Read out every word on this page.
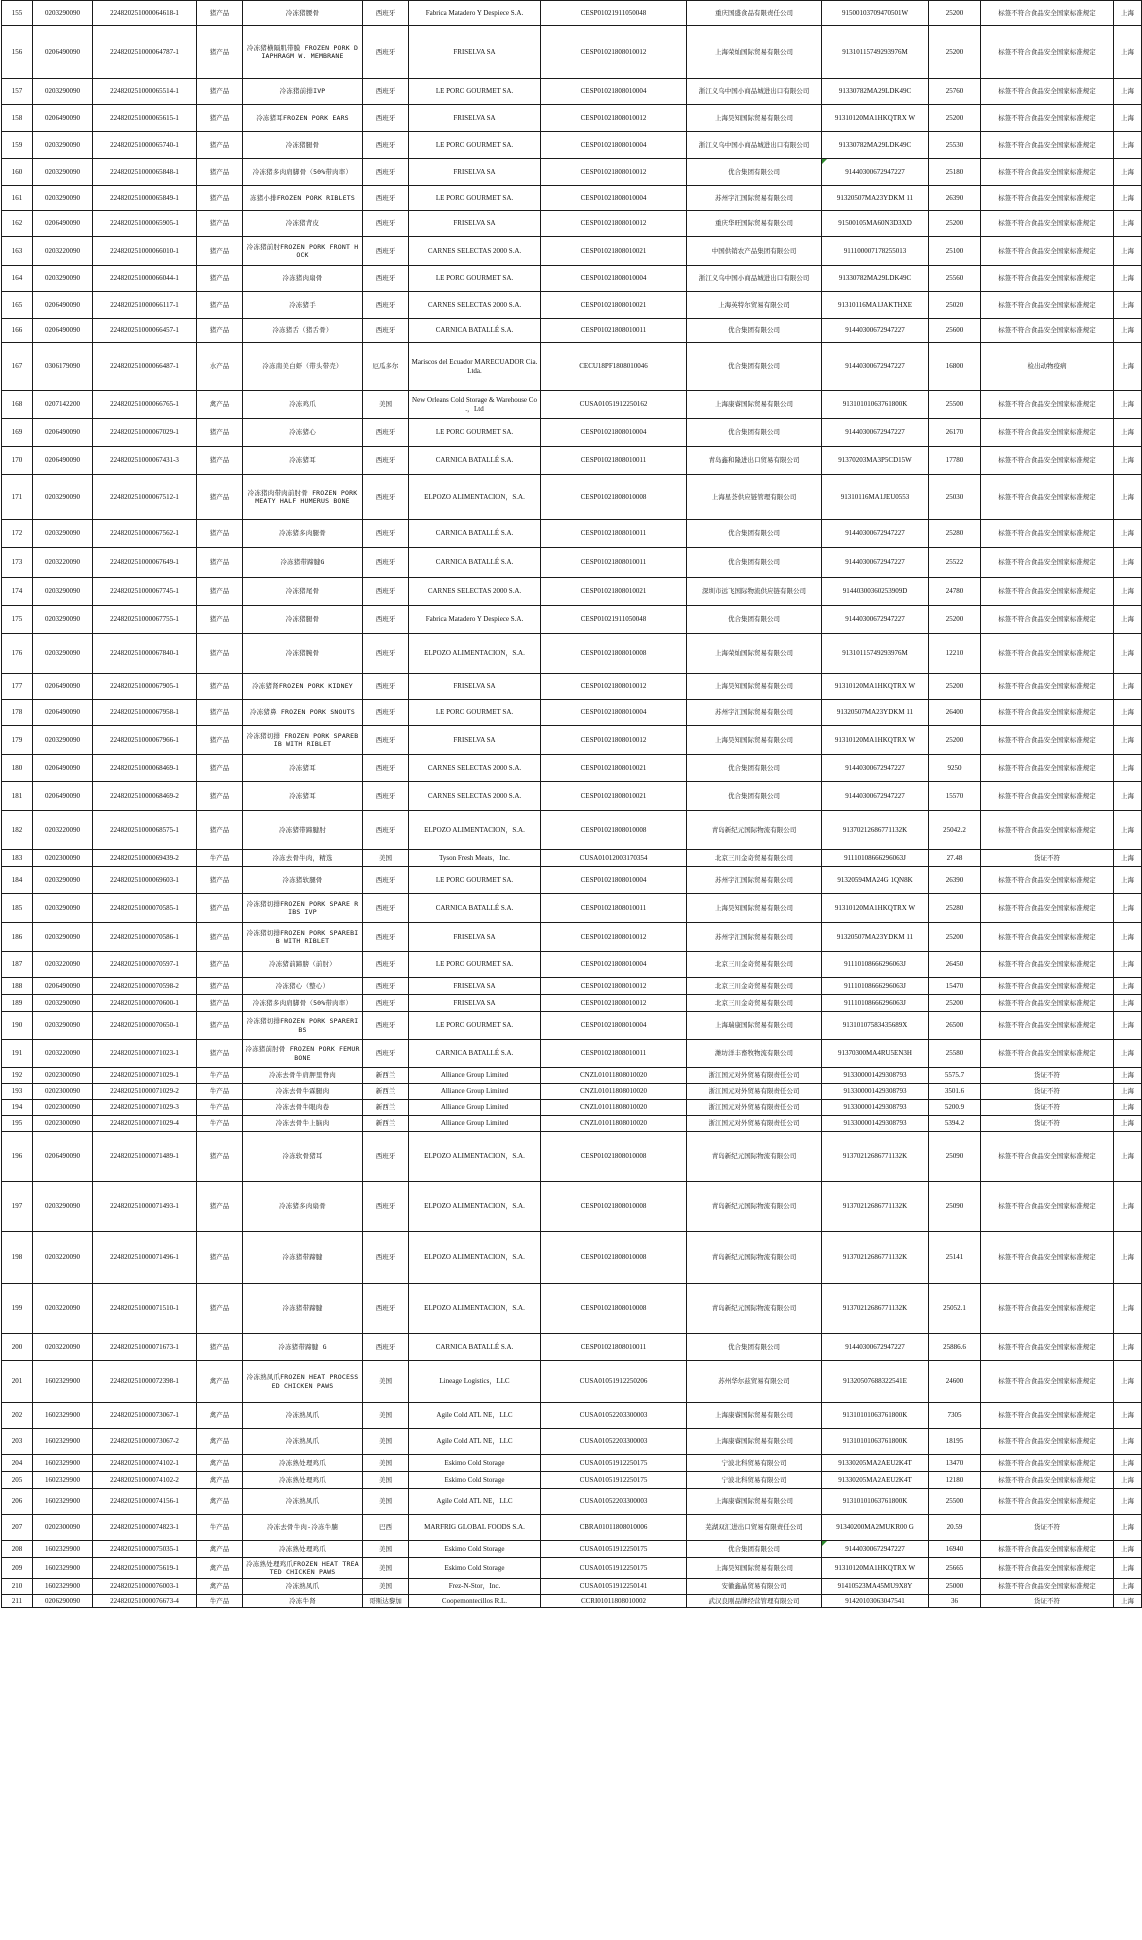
155	0203290090	224820251000064618-1	猪产品	冷冻猪腰骨	西班牙	Fabrica Matadero Y Despiece S.A.	CESP01021911050048	重庆国盛食品有限责任公司	91500103709470501W	25200	标签不符合食品安全国家标准规定	上海
156	0206490090	224820251000064787-1	猪产品	冷冻猪横隔肌带膜 FROZEN PORK DIAPHRAGM W. MEMBRANE	西班牙	FRISELVA SA	CESP01021808010012	上海荣灿国际贸易有限公司	91310115749293976M	25200	标签不符合食品安全国家标准规定	上海
157	0203290090	224820251000065514-1	猪产品	冷冻猪前排IVP	西班牙	LE PORC GOURMET SA.	CESP01021808010004	浙江义乌中国小商品城进出口有限公司	91330782MA29LDK49C	25760	标签不符合食品安全国家标准规定	上海
158	0206490090	224820251000065615-1	猪产品	冷冻猪耳FROZEN PORK EARS	西班牙	FRISELVA SA	CESP01021808010012	上海昊知国际贸易有限公司	91310120MA1HKQTRX W	25200	标签不符合食品安全国家标准规定	上海
159	0203290090	224820251000065740-1	猪产品	冷冻猪腿骨	西班牙	LE PORC GOURMET SA.	CESP01021808010004	浙江义乌中国小商品城进出口有限公司	91330782MA29LDK49C	25530	标签不符合食品安全国家标准规定	上海
160	0203290090	224820251000065848-1	猪产品	冷冻猪多肉肩脚骨（50%带肉率）	西班牙	FRISELVA SA	CESP01021808010012	优合集团有限公司	91440300672947227	25180	标签不符合食品安全国家标准规定	上海
161	0203290090	224820251000065849-1	猪产品	冻猪小排FROZEN PORK RIBLETS	西班牙	LE PORC GOURMET SA.	CESP01021808010004	苏州宇汇国际贸易有限公司	91320507MA23YDKM 11	26390	标签不符合食品安全国家标准规定	上海
162	0206490090	224820251000065905-1	猪产品	冷冻猪背皮	西班牙	FRISELVA SA	CESP01021808010012	重庆华旺国际贸易有限公司	91500105MA60N3D3XD	25200	标签不符合食品安全国家标准规定	上海
163	0203220090	224820251000066010-1	猪产品	冷冻猪前肘FROZEN PORK FRONT HOCK	西班牙	CARNES SELECTAS 2000 S.A.	CESP01021808010021	中国供销农产品集团有限公司	911100007178255013	25100	标签不符合食品安全国家标准规定	上海
164	0203290090	224820251000066044-1	猪产品	冷冻猪肉扇骨	西班牙	LE PORC GOURMET SA.	CESP01021808010004	浙江义乌中国小商品城进出口有限公司	91330782MA29LDK49C	25560	标签不符合食品安全国家标准规定	上海
165	0206490090	224820251000066117-1	猪产品	冷冻猪手	西班牙	CARNES SELECTAS 2000 S.A.	CESP01021808010021	上海英特尔贸易有限公司	91310116MA1JAKTHXE	25020	标签不符合食品安全国家标准规定	上海
166	0206490090	224820251000066457-1	猪产品	冷冻猪舌（猪舌骨）	西班牙	CARNICA BATALLÉ S.A.	CESP01021808010011	优合集团有限公司	91440300672947227	25600	标签不符合食品安全国家标准规定	上海
167	0306179090	224820251000066487-1	水产品	冷冻南美白虾（带头带壳）	厄瓜多尔	Mariscos del Ecuador MARECUADOR Cia. Ltda.	CECU18PF1808010046	优合集团有限公司	91440300672947227	16800	检出动物疫病	上海
168	0207142200	224820251000066765-1	禽产品	冷冻鸡爪	美国	New Orleans Cold Storage & Warehouse Co .，Ltd	CUSA01051912250162	上海康睿国际贸易有限公司	91310101063761800K	25500	标签不符合食品安全国家标准规定	上海
169	0206490090	224820251000067029-1	猪产品	冷冻猪心	西班牙	LE PORC GOURMET SA.	CESP01021808010004	优合集团有限公司	91440300672947227	26170	标签不符合食品安全国家标准规定	上海
170	0206490090	224820251000067431-3	猪产品	冷冻猪耳	西班牙	CARNICA BATALLÉ S.A.	CESP01021808010011	青岛鑫和隆进出口贸易有限公司	91370203MA3P5CD15W	17780	标签不符合食品安全国家标准规定	上海
171	0203290090	224820251000067512-1	猪产品	冷冻猪肉带肉前肘骨 FROZEN PORK MEATY HALF HUMERUS BONE	西班牙	ELPOZO ALIMENTACION，S.A.	CESP01021808010008	上海星荟供应链管理有限公司	91310116MA1JEU0553	25030	标签不符合食品安全国家标准规定	上海
172	0203290090	224820251000067562-1	猪产品	冷冻猪多肉腿骨	西班牙	CARNICA BATALLÉ S.A.	CESP01021808010011	优合集团有限公司	91440300672947227	25280	标签不符合食品安全国家标准规定	上海
173	0203220090	224820251000067649-1	猪产品	冷冻猪带蹄腱G	西班牙	CARNICA BATALLÉ S.A.	CESP01021808010011	优合集团有限公司	91440300672947227	25522	标签不符合食品安全国家标准规定	上海
174	0203290090	224820251000067745-1	猪产品	冷冻猪尾骨	西班牙	CARNES SELECTAS 2000 S.A.	CESP01021808010021	深圳市远飞国际物流供应链有限公司	91440300360253909D	24780	标签不符合食品安全国家标准规定	上海
175	0203290090	224820251000067755-1	猪产品	冷冻猪腿骨	西班牙	Fabrica Matadero Y Despiece S.A.	CESP01021911050048	优合集团有限公司	91440300672947227	25200	标签不符合食品安全国家标准规定	上海
176	0203290090	224820251000067840-1	猪产品	冷冻猪腕骨	西班牙	ELPOZO ALIMENTACION，S.A.	CESP01021808010008	上海荣灿国际贸易有限公司	91310115749293976M	12210	标签不符合食品安全国家标准规定	上海
177	0206490090	224820251000067905-1	猪产品	冷冻猪肾FROZEN PORK KIDNEY	西班牙	FRISELVA SA	CESP01021808010012	上海昊知国际贸易有限公司	91310120MA1HKQTRX W	25200	标签不符合食品安全国家标准规定	上海
178	0206490090	224820251000067958-1	猪产品	冷冻猪鼻 FROZEN PORK SNOUTS	西班牙	LE PORC GOURMET SA.	CESP01021808010004	苏州宇汇国际贸易有限公司	91320507MA23YDKM 11	26400	标签不符合食品安全国家标准规定	上海
179	0203290090	224820251000067966-1	猪产品	冷冻猪切排 FROZEN PORK SPAREBIB WITH RIBLET	西班牙	FRISELVA SA	CESP01021808010012	上海昊知国际贸易有限公司	91310120MA1HKQTRX W	25200	标签不符合食品安全国家标准规定	上海
180	0206490090	224820251000068469-1	猪产品	冷冻猪耳	西班牙	CARNES SELECTAS 2000 S.A.	CESP01021808010021	优合集团有限公司	91440300672947227	9250	标签不符合食品安全国家标准规定	上海
181	0206490090	224820251000068469-2	猪产品	冷冻猪耳	西班牙	CARNES SELECTAS 2000 S.A.	CESP01021808010021	优合集团有限公司	91440300672947227	15570	标签不符合食品安全国家标准规定	上海
182	0203220090	224820251000068575-1	猪产品	冷冻猪带蹄腱肘	西班牙	ELPOZO ALIMENTACION，S.A.	CESP01021808010008	青岛新纪元国际物流有限公司	91370212686771132K	25042.2	标签不符合食品安全国家标准规定	上海
183	0202300090	224820251000069439-2	牛产品	冷冻去骨牛肉，精选	美国	Tyson Fresh Meats，Inc.	CUSA01012003170354	北京三川金奇贸易有限公司	91110108666296063J	27.48	货证不符	上海
184	0203290090	224820251000069603-1	猪产品	冷冻猪软腿骨	西班牙	LE PORC GOURMET SA.	CESP01021808010004	苏州宇汇国际贸易有限公司	91320594MA24G 1QN8K	26390	标签不符合食品安全国家标准规定	上海
185	0203290090	224820251000070585-1	猪产品	冷冻猪切排FROZEN PORK SPARE RIBS IVP	西班牙	CARNICA BATALLÉ S.A.	CESP01021808010011	上海昊知国际贸易有限公司	91310120MA1HKQTRX W	25280	标签不符合食品安全国家标准规定	上海
186	0203290090	224820251000070586-1	猪产品	冷冻猪切排FROZEN PORK SPAREBIB WITH RIBLET	西班牙	FRISELVA SA	CESP01021808010012	苏州宇汇国际贸易有限公司	91320507MA23YDKM 11	25200	标签不符合食品安全国家标准规定	上海
187	0203220090	224820251000070597-1	猪产品	冷冻猪前蹄膀（前肘）	西班牙	LE PORC GOURMET SA.	CESP01021808010004	北京三川金奇贸易有限公司	91110108666296063J	26450	标签不符合食品安全国家标准规定	上海
188	0206490090	224820251000070598-2	猪产品	冷冻猪心（整心）	西班牙	FRISELVA SA	CESP01021808010012	北京三川金奇贸易有限公司	91110108666296063J	15470	标签不符合食品安全国家标准规定	上海
189	0203290090	224820251000070600-1	猪产品	冷冻猪多肉肩脚骨（50%带肉率）	西班牙	FRISELVA SA	CESP01021808010012	北京三川金奇贸易有限公司	91110108666296063J	25200	标签不符合食品安全国家标准规定	上海
190	0203290090	224820251000070650-1	猪产品	冷冻猪切排FROZEN PORK SPARERIBS	西班牙	LE PORC GOURMET SA.	CESP01021808010004	上海瑞康国际贸易有限公司	91310107583435689X	26500	标签不符合食品安全国家标准规定	上海
191	0203220090	224820251000071023-1	猪产品	冷冻猪前肘骨 FROZEN PORK FEMUR BONE	西班牙	CARNICA BATALLÉ S.A.	CESP01021808010011	潍坊洋丰畜牧物流有限公司	91370300MA4RU5EN3H	25580	标签不符合食品安全国家标准规定	上海
192	0202300090	224820251000071029-1	牛产品	冷冻去骨牛肩胛里脊肉	新西兰	Alliance Group Limited	CNZL01011808010020	浙江国元对外贸易有限责任公司	913300001429308793	5575.7	货证不符	上海
193	0202300090	224820251000071029-2	牛产品	冷冻去骨牛霖腿肉	新西兰	Alliance Group Limited	CNZL01011808010020	浙江国元对外贸易有限责任公司	913300001429308793	3501.6	货证不符	上海
194	0202300090	224820251000071029-3	牛产品	冷冻去骨牛眼肉卷	新西兰	Alliance Group Limited	CNZL01011808010020	浙江国元对外贸易有限责任公司	913300001429308793	5200.9	货证不符	上海
195	0202300090	224820251000071029-4	牛产品	冷冻去骨牛上脑肉	新西兰	Alliance Group Limited	CNZL01011808010020	浙江国元对外贸易有限责任公司	913300001429308793	5394.2	货证不符	上海
196	0206490090	224820251000071489-1	猪产品	冷冻软骨猪耳	西班牙	ELPOZO ALIMENTACION，S.A.	CESP01021808010008	青岛新纪元国际物流有限公司	91370212686771132K	25090	标签不符合食品安全国家标准规定	上海
197	0203290090	224820251000071493-1	猪产品	冷冻猪多肉扇骨	西班牙	ELPOZO ALIMENTACION，S.A.	CESP01021808010008	青岛新纪元国际物流有限公司	91370212686771132K	25090	标签不符合食品安全国家标准规定	上海
198	0203220090	224820251000071496-1	猪产品	冷冻猪带蹄腱	西班牙	ELPOZO ALIMENTACION，S.A.	CESP01021808010008	青岛新纪元国际物流有限公司	91370212686771132K	25141	标签不符合食品安全国家标准规定	上海
199	0203220090	224820251000071510-1	猪产品	冷冻猪带蹄腱	西班牙	ELPOZO ALIMENTACION，S.A.	CESP01021808010008	青岛新纪元国际物流有限公司	91370212686771132K	25052.1	标签不符合食品安全国家标准规定	上海
200	0203220090	224820251000071673-1	猪产品	冷冻猪带蹄腱 G	西班牙	CARNICA BATALLÉ S.A.	CESP01021808010011	优合集团有限公司	91440300672947227	25886.6	标签不符合食品安全国家标准规定	上海
201	1602329900	224820251000072398-1	禽产品	冷冻熟凤爪FROZEN HEAT PROCESSED CHICKEN PAWS	美国	Lineage Logistics，LLC	CUSA01051912250206	苏州华尔兹贸易有限公司	91320507688322541E	24600	标签不符合食品安全国家标准规定	上海
202	1602329900	224820251000073067-1	禽产品	冷冻熟凤爪	美国	Agile Cold ATL NE，LLC	CUSA01052203300003	上海康睿国际贸易有限公司	91310101063761800K	7305	标签不符合食品安全国家标准规定	上海
203	1602329900	224820251000073067-2	禽产品	冷冻熟凤爪	美国	Agile Cold ATL NE，LLC	CUSA01052203300003	上海康睿国际贸易有限公司	91310101063761800K	18195	标签不符合食品安全国家标准规定	上海
204	1602329900	224820251000074102-1	禽产品	冷冻熟处理鸡爪	美国	Eskimo Cold Storage	CUSA01051912250175	宁波北科贸易有限公司	91330205MA2AEU2K4T	13470	标签不符合食品安全国家标准规定	上海
205	1602329900	224820251000074102-2	禽产品	冷冻熟处理鸡爪	美国	Eskimo Cold Storage	CUSA01051912250175	宁波北科贸易有限公司	91330205MA2AEU2K4T	12180	标签不符合食品安全国家标准规定	上海
206	1602329900	224820251000074156-1	禽产品	冷冻熟凤爪	美国	Agile Cold ATL NE，LLC	CUSA01052203300003	上海康睿国际贸易有限公司	91310101063761800K	25500	标签不符合食品安全国家标准规定	上海
207	0202300090	224820251000074823-1	牛产品	冷冻去骨牛肉-冷冻牛腩	巴西	MARFRIG GLOBAL FOODS S.A.	CBRA01011808010006	芜湖双汇进出口贸易有限责任公司	91340200MA2MUKR00 G	20.59	货证不符	上海
208	1602329900	224820251000075035-1	禽产品	冷冻熟处理鸡爪	美国	Eskimo Cold Storage	CUSA01051912250175	优合集团有限公司	91440300672947227	16940	标签不符合食品安全国家标准规定	上海
209	1602329900	224820251000075619-1	禽产品	冷冻熟处理鸡爪FROZEN HEAT TREATED CHICKEN PAWS	美国	Eskimo Cold Storage	CUSA01051912250175	上海昊知国际贸易有限公司	91310120MA1HKQTRX W	25665	标签不符合食品安全国家标准规定	上海
210	1602329900	224820251000076003-1	禽产品	冷冻熟凤爪	美国	Frez-N-Stor，Inc.	CUSA01051912250141	安徽鑫晶贸易有限公司	91410523MA45MU9X8Y	25000	标签不符合食品安全国家标准规定	上海
211	0206290090	224820251000076673-4	牛产品	冷冻牛肾	哥斯达黎加	Coopemontecillos R.L.	CCRI01011808010002	武汉良刚品牌经营管理有限公司	91420103063047541	36	货证不符	上海
